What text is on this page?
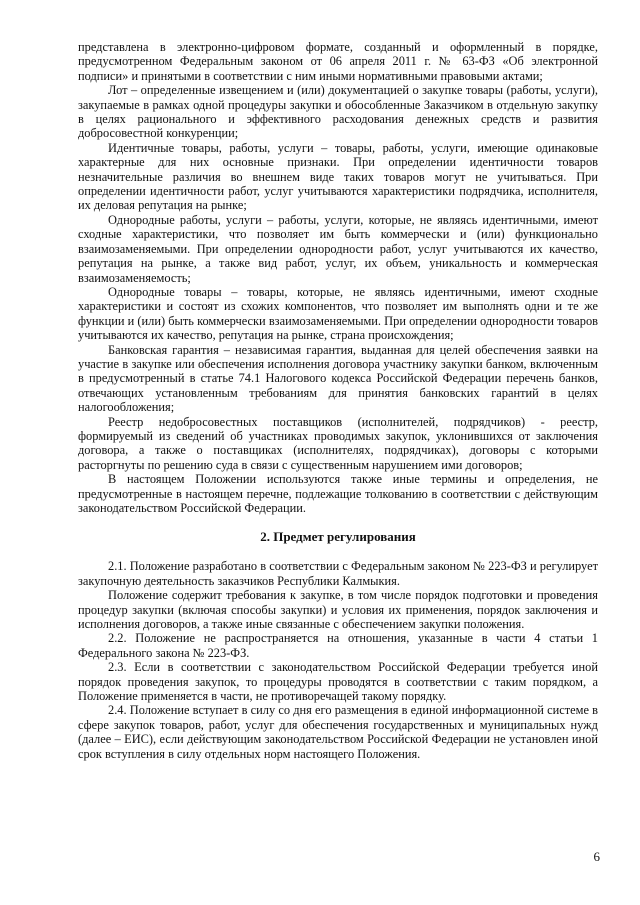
представлена в электронно-цифровом формате, созданный и оформленный в порядке, предусмотренном Федеральным законом от 06 апреля 2011 г. № 63-ФЗ «Об электронной подписи» и принятыми в соответствии с ним иными нормативными правовыми актами;

Лот – определенные извещением и (или) документацией о закупке товары (работы, услуги), закупаемые в рамках одной процедуры закупки и обособленные Заказчиком в отдельную закупку в целях рационального и эффективного расходования денежных средств и развития добросовестной конкуренции;

Идентичные товары, работы, услуги – товары, работы, услуги, имеющие одинаковые характерные для них основные признаки. При определении идентичности товаров незначительные различия во внешнем виде таких товаров могут не учитываться. При определении идентичности работ, услуг учитываются характеристики подрядчика, исполнителя, их деловая репутация на рынке;

Однородные работы, услуги – работы, услуги, которые, не являясь идентичными, имеют сходные характеристики, что позволяет им быть коммерчески и (или) функционально взаимозаменяемыми. При определении однородности работ, услуг учитываются их качество, репутация на рынке, а также вид работ, услуг, их объем, уникальность и коммерческая взаимозаменяемость;

Однородные товары – товары, которые, не являясь идентичными, имеют сходные характеристики и состоят из схожих компонентов, что позволяет им выполнять одни и те же функции и (или) быть коммерчески взаимозаменяемыми. При определении однородности товаров учитываются их качество, репутация на рынке, страна происхождения;

Банковская гарантия – независимая гарантия, выданная для целей обеспечения заявки на участие в закупке или обеспечения исполнения договора участнику закупки банком, включенным в предусмотренный в статье 74.1 Налогового кодекса Российской Федерации перечень банков, отвечающих установленным требованиям для принятия банковских гарантий в целях налогообложения;

Реестр недобросовестных поставщиков (исполнителей, подрядчиков) - реестр, формируемый из сведений об участниках проводимых закупок, уклонившихся от заключения договора, а также о поставщиках (исполнителях, подрядчиках), договоры с которыми расторгнуты по решению суда в связи с существенным нарушением ими договоров;

В настоящем Положении используются также иные термины и определения, не предусмотренные в настоящем перечне, подлежащие толкованию в соответствии с действующим законодательством Российской Федерации.

2. Предмет регулирования

2.1. Положение разработано в соответствии с Федеральным законом № 223-ФЗ и регулирует закупочную деятельность заказчиков Республики Калмыкия.

Положение содержит требования к закупке, в том числе порядок подготовки и проведения процедур закупки (включая способы закупки) и условия их применения, порядок заключения и исполнения договоров, а также иные связанные с обеспечением закупки положения.

2.2. Положение не распространяется на отношения, указанные в части 4 статьи 1 Федерального закона № 223-ФЗ.

2.3. Если в соответствии с законодательством Российской Федерации требуется иной порядок проведения закупок, то процедуры проводятся в соответствии с таким порядком, а Положение применяется в части, не противоречащей такому порядку.

2.4. Положение вступает в силу со дня его размещения в единой информационной системе в сфере закупок товаров, работ, услуг для обеспечения государственных и муниципальных нужд (далее – ЕИС), если действующим законодательством Российской Федерации не установлен иной срок вступления в силу отдельных норм настоящего Положения.

6
